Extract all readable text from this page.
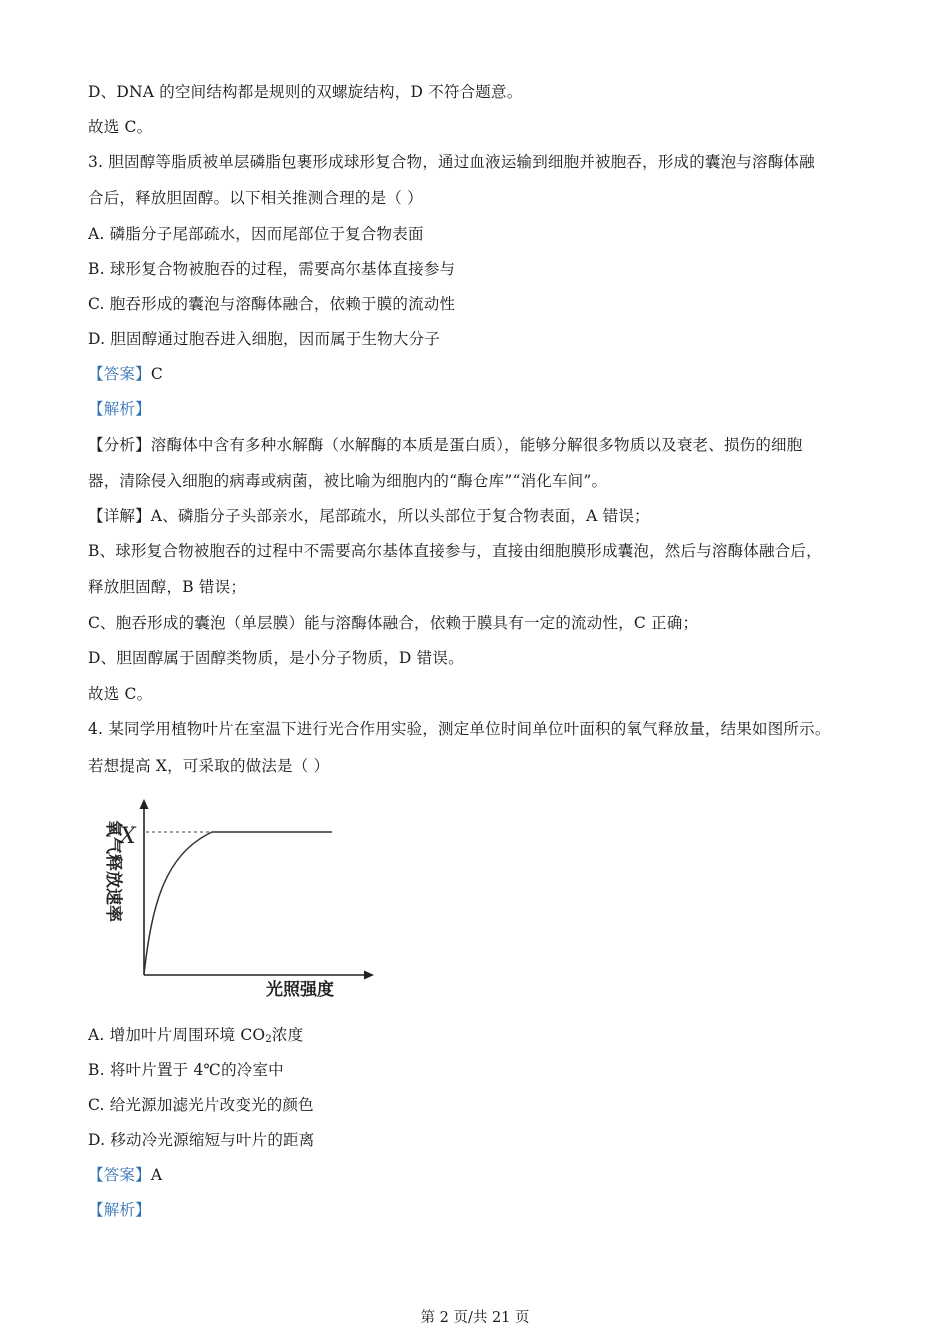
D、DNA 的空间结构都是规则的双螺旋结构，D 不符合题意。
故选 C。
3. 胆固醇等脂质被单层磷脂包裹形成球形复合物，通过血液运输到细胞并被胞吞，形成的囊泡与溶酶体融
合后，释放胆固醇。以下相关推测合理的是（ ）
A. 磷脂分子尾部疏水，因而尾部位于复合物表面
B. 球形复合物被胞吞的过程，需要高尔基体直接参与
C. 胞吞形成的囊泡与溶酶体融合，依赖于膜的流动性
D. 胆固醇通过胞吞进入细胞，因而属于生物大分子
【答案】C
【解析】
【分析】溶酶体中含有多种水解酶（水解酶的本质是蛋白质），能够分解很多物质以及衰老、损伤的细胞
器，清除侵入细胞的病毒或病菌，被比喻为细胞内的“酶仓库”“消化车间”。
【详解】A、磷脂分子头部亲水，尾部疏水，所以头部位于复合物表面，A 错误；
B、球形复合物被胞吞的过程中不需要高尔基体直接参与，直接由细胞膜形成囊泡，然后与溶酶体融合后，
释放胆固醇，B 错误；
C、胞吞形成的囊泡（单层膜）能与溶酶体融合，依赖于膜具有一定的流动性，C 正确；
D、胆固醇属于固醇类物质，是小分子物质，D 错误。
故选 C。
4. 某同学用植物叶片在室温下进行光合作用实验，测定单位时间单位叶面积的氧气释放量，结果如图所示。
若想提高 X，可采取的做法是（ ）
X
光照强度
氧气释放速率
A. 增加叶片周围环境 $CO_2$浓度
B. 将叶片置于 4℃的冷室中
C. 给光源加滤光片改变光的颜色
D. 移动冷光源缩短与叶片的距离
【答案】A
【解析】
第 2 页/共 21 页
